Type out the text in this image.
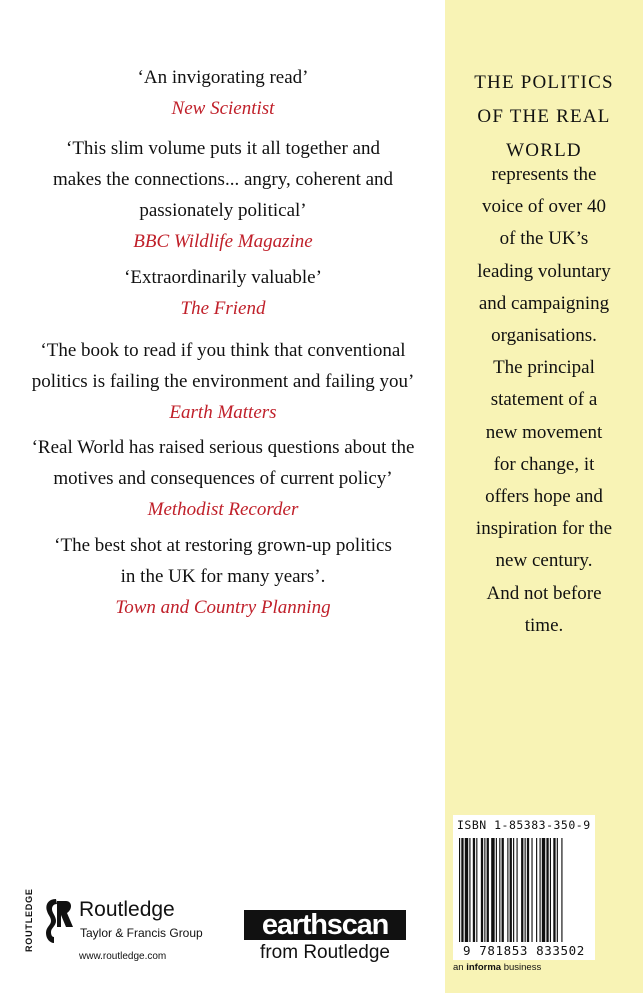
‘An invigorating read’
New Scientist
‘This slim volume puts it all together and
makes the connections... angry, coherent and
passionately political’
BBC Wildlife Magazine
‘Extraordinarily valuable’
The Friend
‘The book to read if you think that conventional
politics is failing the environment and failing you’
Earth Matters
‘Real World has raised serious questions about the
motives and consequences of current policy’
Methodist Recorder
‘The best shot at restoring grown-up politics
in the UK for many years’.
Town and Country Planning
ROUTLEDGE Routledge
Taylor & Francis Group
www.routledge.com
earthscan
from Routledge
THE POLITICS
OF THE REAL
WORLD
represents the
voice of over 40
of the UK’s
leading voluntary
and campaigning
organisations.
The principal
statement of a
new movement
for change, it
offers hope and
inspiration for the
new century.
And not before
time.
ISBN 1-85383-350-9
9 781853 833502
an informa business
